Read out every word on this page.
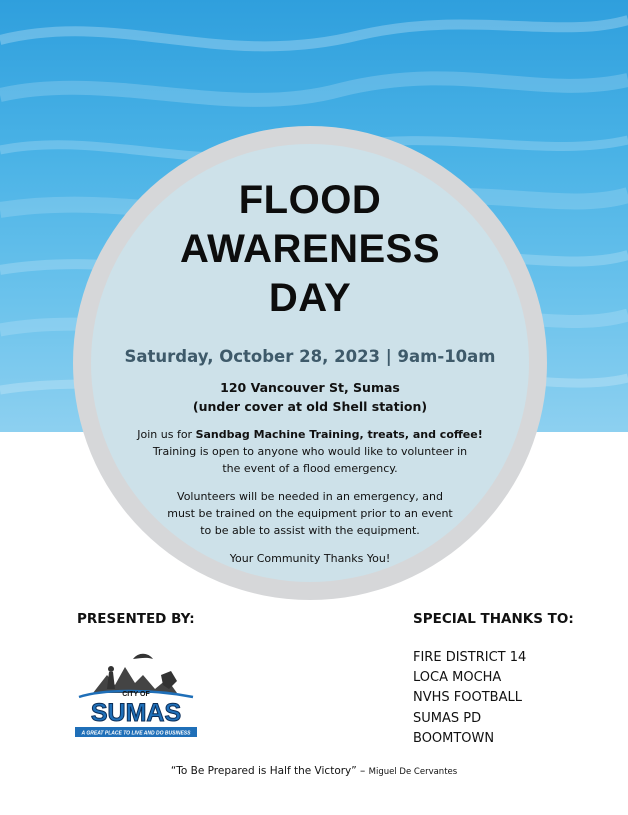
FLOOD
AWARENESS
DAY
Saturday, October 28, 2023 | 9am-10am
120 Vancouver St, Sumas
(under cover at old Shell station)
Join us for Sandbag Machine Training, treats, and coffee!
Training is open to anyone who would like to volunteer in
the event of a flood emergency.
Volunteers will be needed in an emergency, and
must be trained on the equipment prior to an event
to be able to assist with the equipment.
Your Community Thanks You!
PRESENTED BY:
CITY OF
SUMAS
A GREAT PLACE TO LIVE AND DO BUSINESS
SPECIAL THANKS TO:
FIRE DISTRICT 14
LOCA MOCHA
NVHS FOOTBALL
SUMAS PD
BOOMTOWN
“To Be Prepared is Half the Victory” – Miguel De Cervantes
